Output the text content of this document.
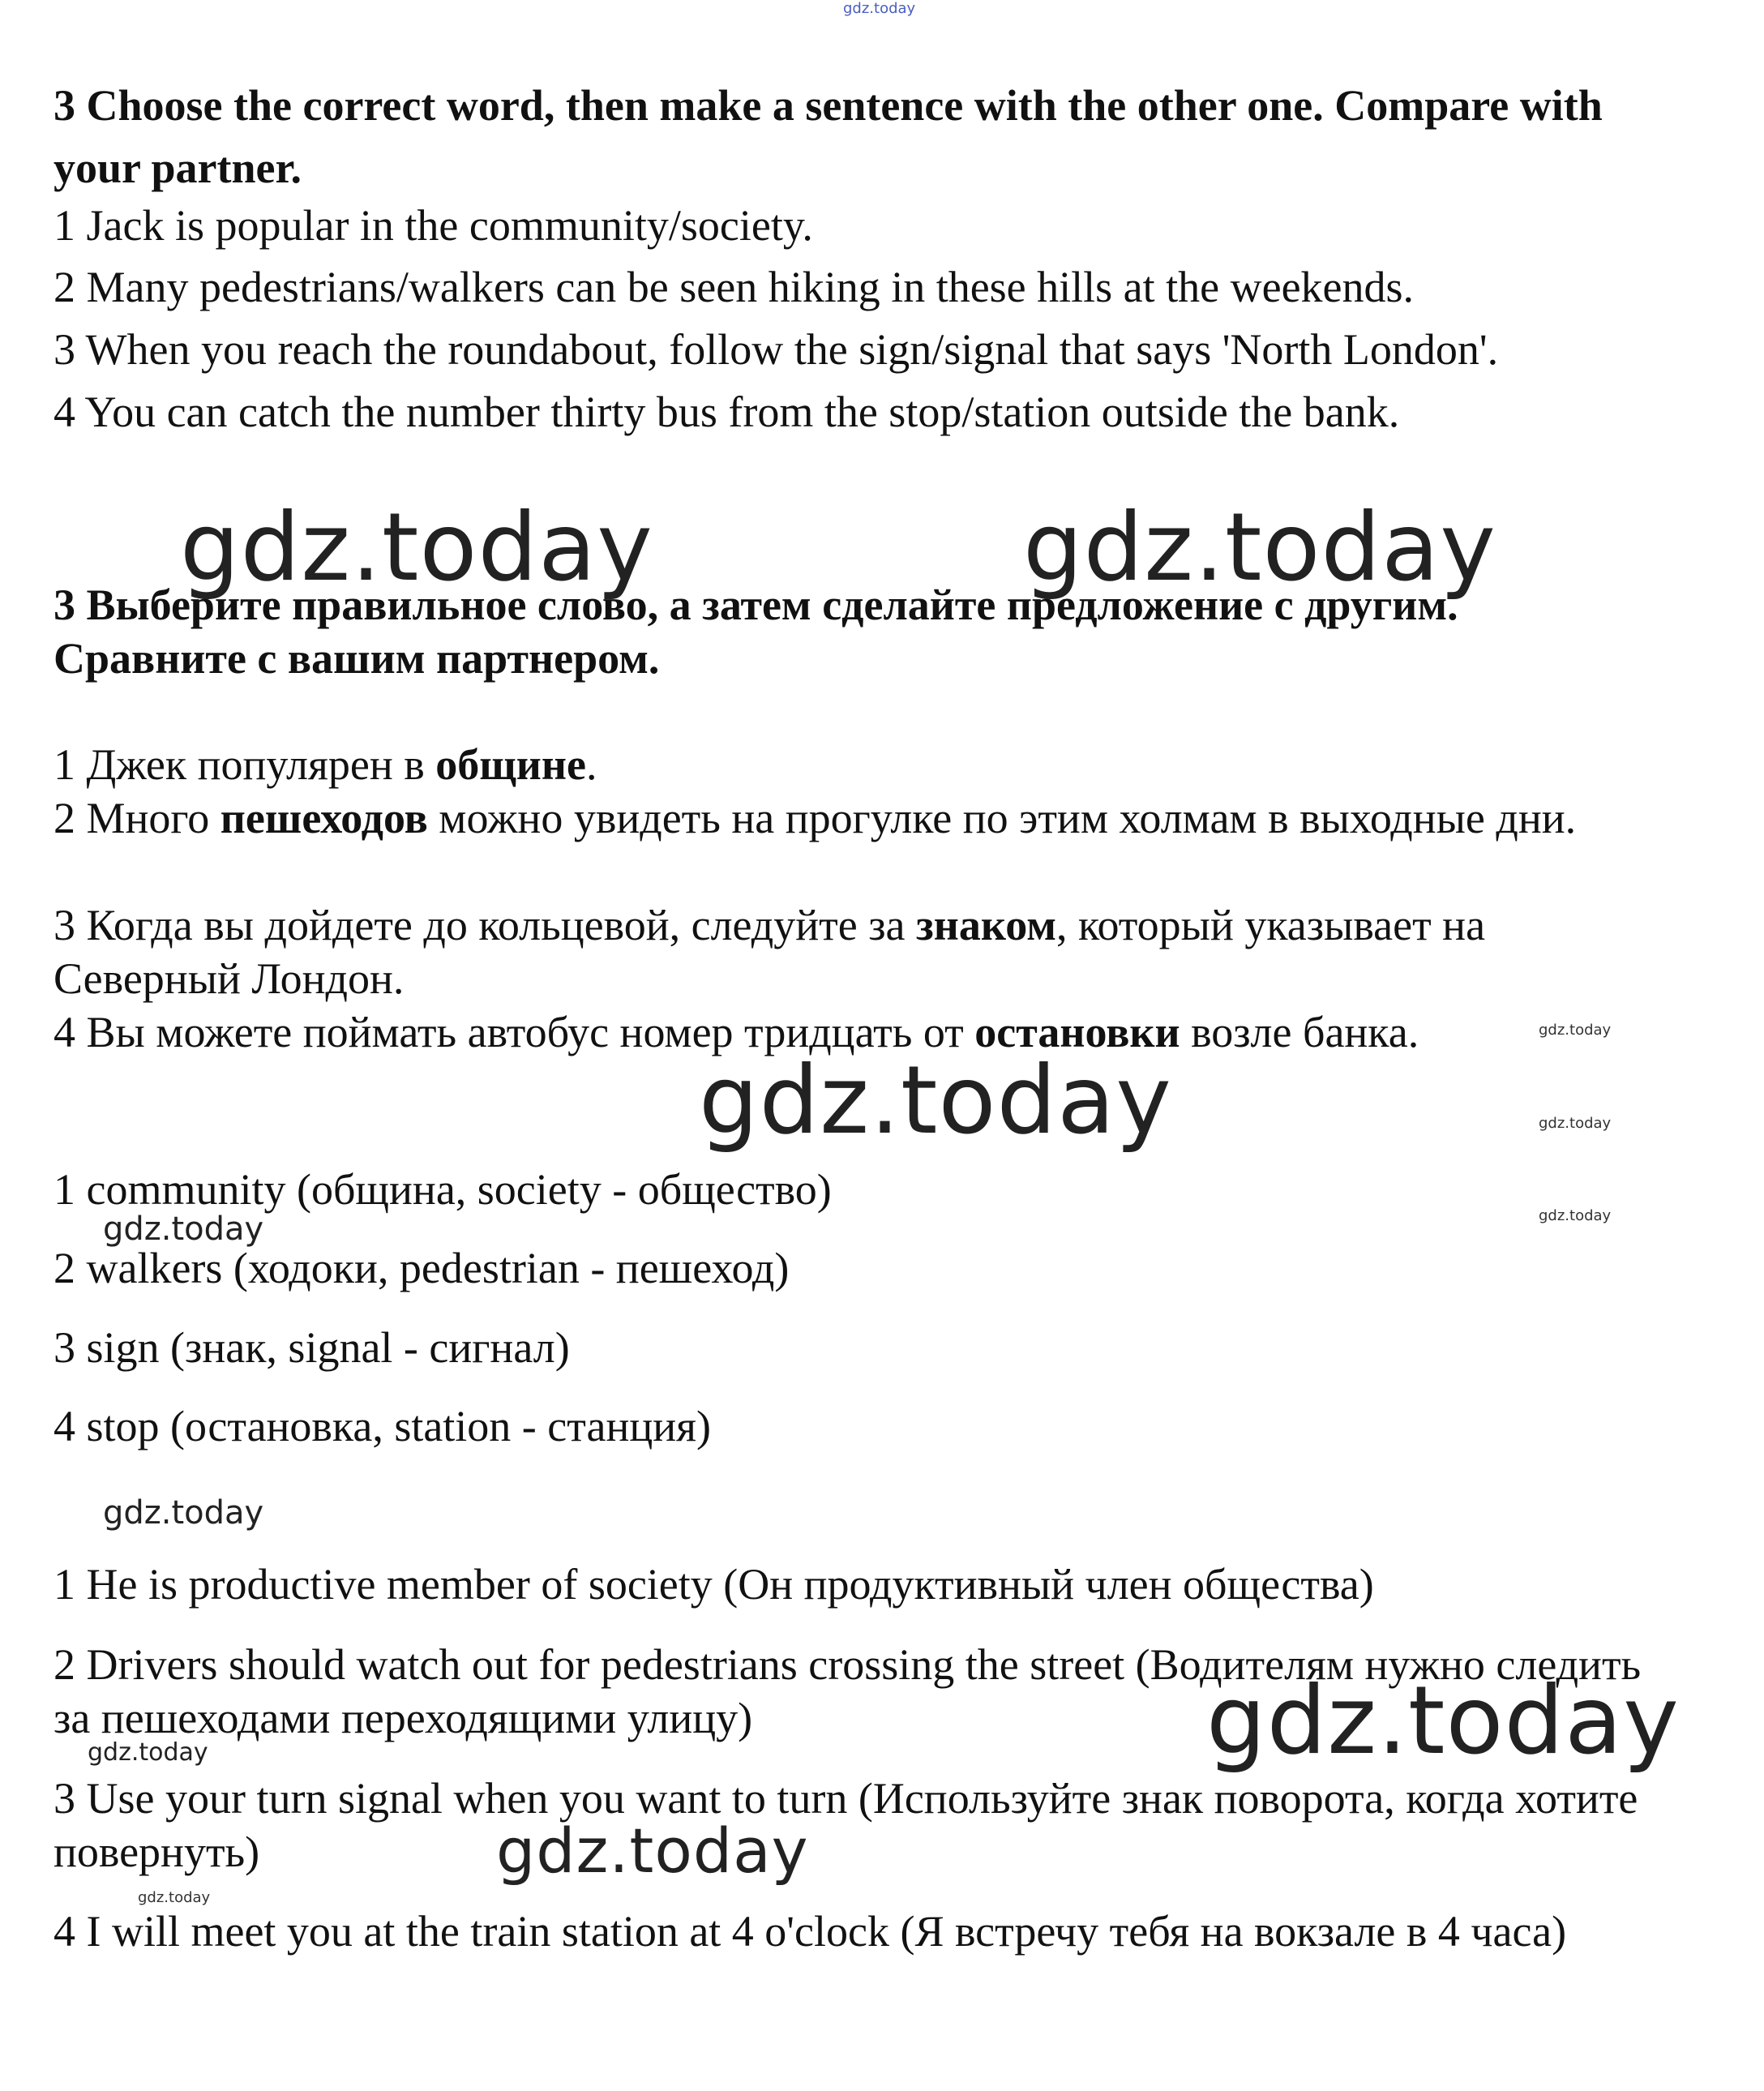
gdz.today
3 Choose the correct word, then make a sentence with the other one. Compare with your partner.
1 Jack is popular in the community/society.
2 Many pedestrians/walkers can be seen hiking in these hills at the weekends.
3 When you reach the roundabout, follow the sign/signal that says 'North London'.
4 You can catch the number thirty bus from the stop/station outside the bank.
gdz.today	gdz.today
3 Выберите правильное слово, а затем сделайте предложение с другим. Сравните с вашим партнером.
1 Джек популярен в общине.
2 Много пешеходов можно увидеть на прогулке по этим холмам в выходные дни.
3 Когда вы дойдете до кольцевой, следуйте за знаком, который указывает на Северный Лондон.
4 Вы можете поймать автобус номер тридцать от остановки возле банка.	gdz.today
gdz.today
gdz.today
gdz.today
1 community (община, society - общество)
gdz.today
2 walkers (ходоки, pedestrian - пешеход)
3 sign (знак, signal - сигнал)
4 stop (остановка, station - станция)
gdz.today
1 He is productive member of society (Он продуктивный член общества)
2 Drivers should watch out for pedestrians crossing the street (Водителям нужно следить за пешеходами переходящими улицу)
gdz.today	gdz.today
3 Use your turn signal when you want to turn (Используйте знак поворота, когда хотите повернуть)	gdz.today
gdz.today
4 I will meet you at the train station at 4 o'clock (Я встречу тебя на вокзале в 4 часа)
